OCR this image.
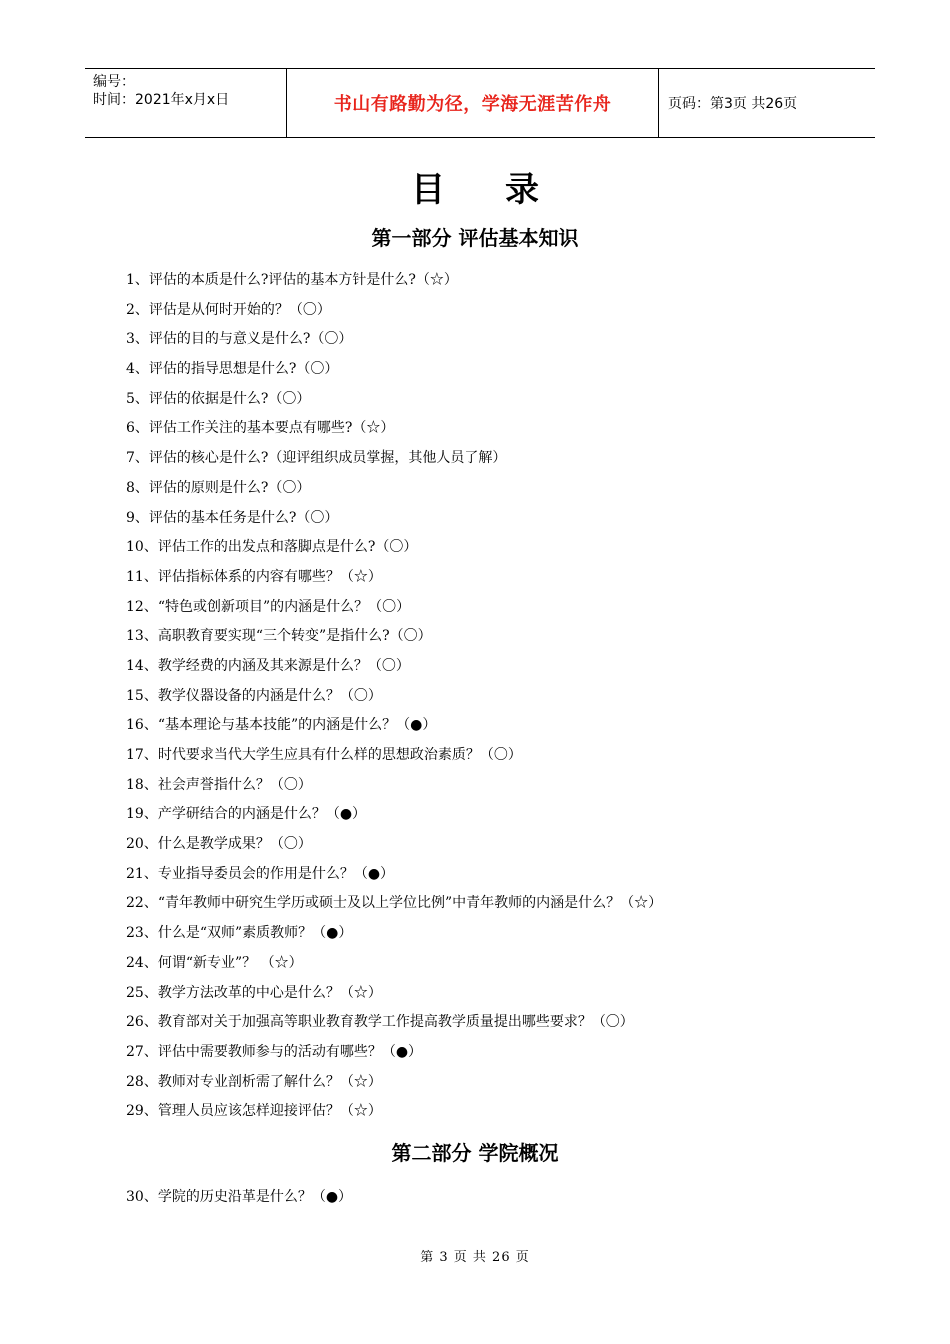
编号：
时间：2021年x月x日	书山有路勤为径，学海无涯苦作舟	页码：第3页 共26页
目录
第一部分 评估基本知识
1、评估的本质是什么?评估的基本方针是什么?（☆）
2、评估是从何时开始的？（〇）
3、评估的目的与意义是什么?（〇）
4、评估的指导思想是什么?（〇）
5、评估的依据是什么?（〇）
6、评估工作关注的基本要点有哪些?（☆）
7、评估的核心是什么?（迎评组织成员掌握，其他人员了解）
8、评估的原则是什么?（〇）
9、评估的基本任务是什么?（〇）
10、评估工作的出发点和落脚点是什么?（〇）
11、评估指标体系的内容有哪些？（☆）
12、“特色或创新项目”的内涵是什么？（〇）
13、高职教育要实现“三个转变”是指什么?（〇）
14、教学经费的内涵及其来源是什么？（〇）
15、教学仪器设备的内涵是什么？（〇）
16、“基本理论与基本技能”的内涵是什么？（●）
17、时代要求当代大学生应具有什么样的思想政治素质？（〇）
18、社会声誉指什么？（〇）
19、产学研结合的内涵是什么？（●）
20、什么是教学成果？（〇）
21、专业指导委员会的作用是什么？（●）
22、“青年教师中研究生学历或硕士及以上学位比例”中青年教师的内涵是什么？（☆）
23、什么是“双师”素质教师？（●）
24、何谓“新专业”？ （☆）
25、教学方法改革的中心是什么？（☆）
26、教育部对关于加强高等职业教育教学工作提高教学质量提出哪些要求？（〇）
27、评估中需要教师参与的活动有哪些？（●）
28、教师对专业剖析需了解什么？（☆）
29、管理人员应该怎样迎接评估？（☆）
第二部分 学院概况
30、学院的历史沿革是什么？（●）
第 3 页 共 26 页
